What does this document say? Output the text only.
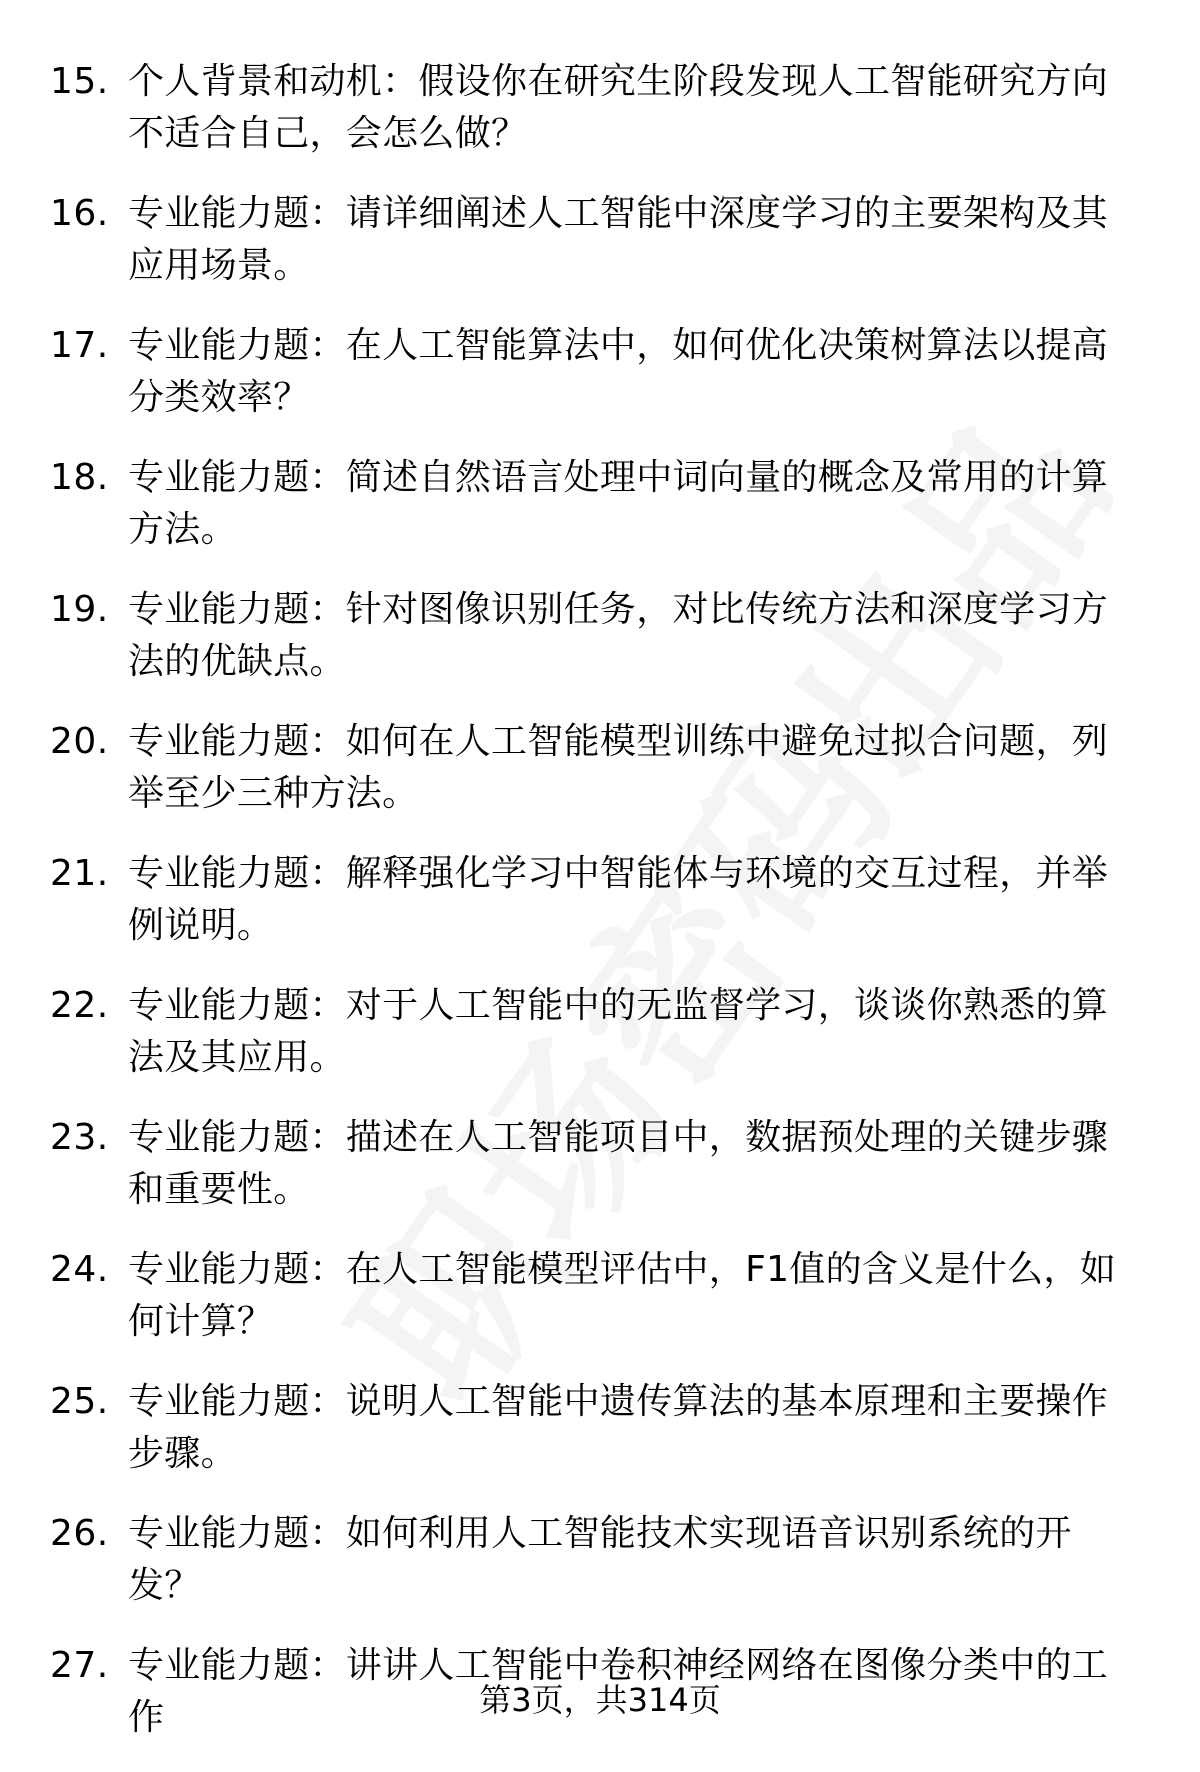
15. 个人背景和动机：假设你在研究生阶段发现人工智能研究方向不适合自己，会怎么做？
16. 专业能力题：请详细阐述人工智能中深度学习的主要架构及其应用场景。
17. 专业能力题：在人工智能算法中，如何优化决策树算法以提高分类效率？
18. 专业能力题：简述自然语言处理中词向量的概念及常用的计算方法。
19. 专业能力题：针对图像识别任务，对比传统方法和深度学习方法的优缺点。
20. 专业能力题：如何在人工智能模型训练中避免过拟合问题，列举至少三种方法。
21. 专业能力题：解释强化学习中智能体与环境的交互过程，并举例说明。
22. 专业能力题：对于人工智能中的无监督学习，谈谈你熟悉的算法及其应用。
23. 专业能力题：描述在人工智能项目中，数据预处理的关键步骤和重要性。
24. 专业能力题：在人工智能模型评估中，F1值的含义是什么，如何计算？
25. 专业能力题：说明人工智能中遗传算法的基本原理和主要操作步骤。
26. 专业能力题：如何利用人工智能技术实现语音识别系统的开发？
27. 专业能力题：讲讲人工智能中卷积神经网络在图像分类中的工作	第3页，共314页
